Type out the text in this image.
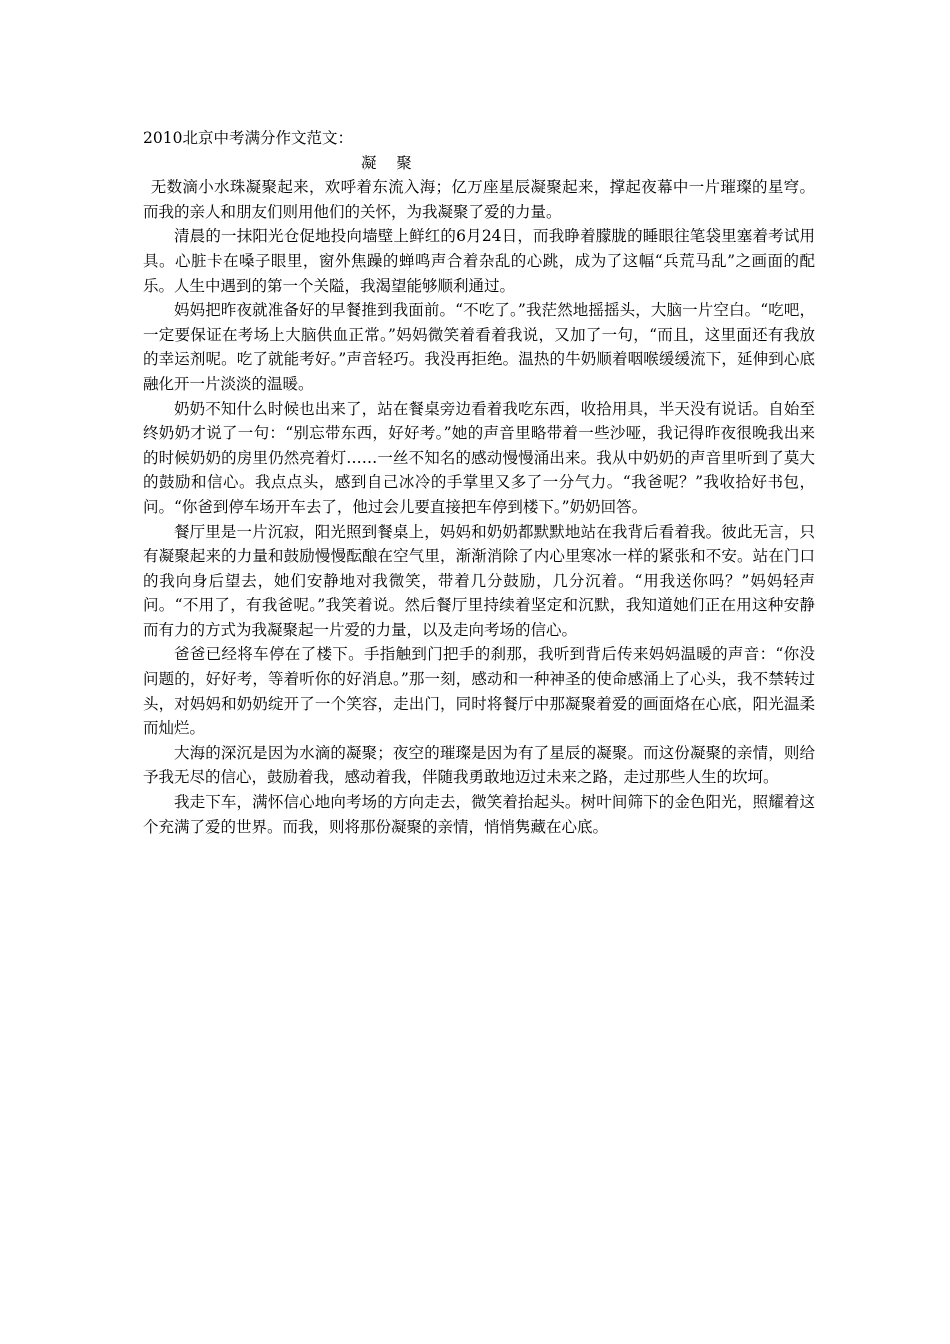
2010北京中考满分作文范文：

凝    聚

无数滴小水珠凝聚起来，欢呼着东流入海；亿万座星辰凝聚起来，撑起夜幕中一片璀璨的星穹。而我的亲人和朋友们则用他们的关怀，为我凝聚了爱的力量。

清晨的一抹阳光仓促地投向墙壁上鲜红的6月24日，而我睁着朦胧的睡眼往笔袋里塞着考试用具。心脏卡在嗓子眼里，窗外焦躁的蝉鸣声合着杂乱的心跳，成为了这幅“兵荒马乱”之画面的配乐。人生中遇到的第一个关隘，我渴望能够顺利通过。

妈妈把昨夜就准备好的早餐推到我面前。“不吃了。”我茫然地摇摇头，大脑一片空白。“吃吧，一定要保证在考场上大脑供血正常。”妈妈微笑着看着我说，又加了一句，“而且，这里面还有我放的幸运剂呢。吃了就能考好。”声音轻巧。我没再拒绝。温热的牛奶顺着咽喉缓缓流下，延伸到心底融化开一片淡淡的温暖。

奶奶不知什么时候也出来了，站在餐桌旁边看着我吃东西，收拾用具，半天没有说话。自始至终奶奶才说了一句：“别忘带东西，好好考。”她的声音里略带着一些沙哑，我记得昨夜很晚我出来的时候奶奶的房里仍然亮着灯……一丝不知名的感动慢慢涌出来。我从中奶奶的声音里听到了莫大的鼓励和信心。我点点头，感到自己冰冷的手掌里又多了一分气力。“我爸呢？”我收拾好书包，问。“你爸到停车场开车去了，他过会儿要直接把车停到楼下。”奶奶回答。

餐厅里是一片沉寂，阳光照到餐桌上，妈妈和奶奶都默默地站在我背后看着我。彼此无言，只有凝聚起来的力量和鼓励慢慢酝酿在空气里，渐渐消除了内心里寒冰一样的紧张和不安。站在门口的我向身后望去，她们安静地对我微笑，带着几分鼓励，几分沉着。“用我送你吗？”妈妈轻声问。“不用了，有我爸呢。”我笑着说。然后餐厅里持续着坚定和沉默，我知道她们正在用这种安静而有力的方式为我凝聚起一片爱的力量，以及走向考场的信心。

爸爸已经将车停在了楼下。手指触到门把手的刹那，我听到背后传来妈妈温暖的声音：“你没问题的，好好考，等着听你的好消息。”那一刻，感动和一种神圣的使命感涌上了心头，我不禁转过头，对妈妈和奶奶绽开了一个笑容，走出门，同时将餐厅中那凝聚着爱的画面烙在心底，阳光温柔而灿烂。

大海的深沉是因为水滴的凝聚；夜空的璀璨是因为有了星辰的凝聚。而这份凝聚的亲情，则给予我无尽的信心，鼓励着我，感动着我，伴随我勇敢地迈过未来之路，走过那些人生的坎坷。

我走下车，满怀信心地向考场的方向走去，微笑着抬起头。树叶间筛下的金色阳光，照耀着这个充满了爱的世界。而我，则将那份凝聚的亲情，悄悄隽藏在心底。
